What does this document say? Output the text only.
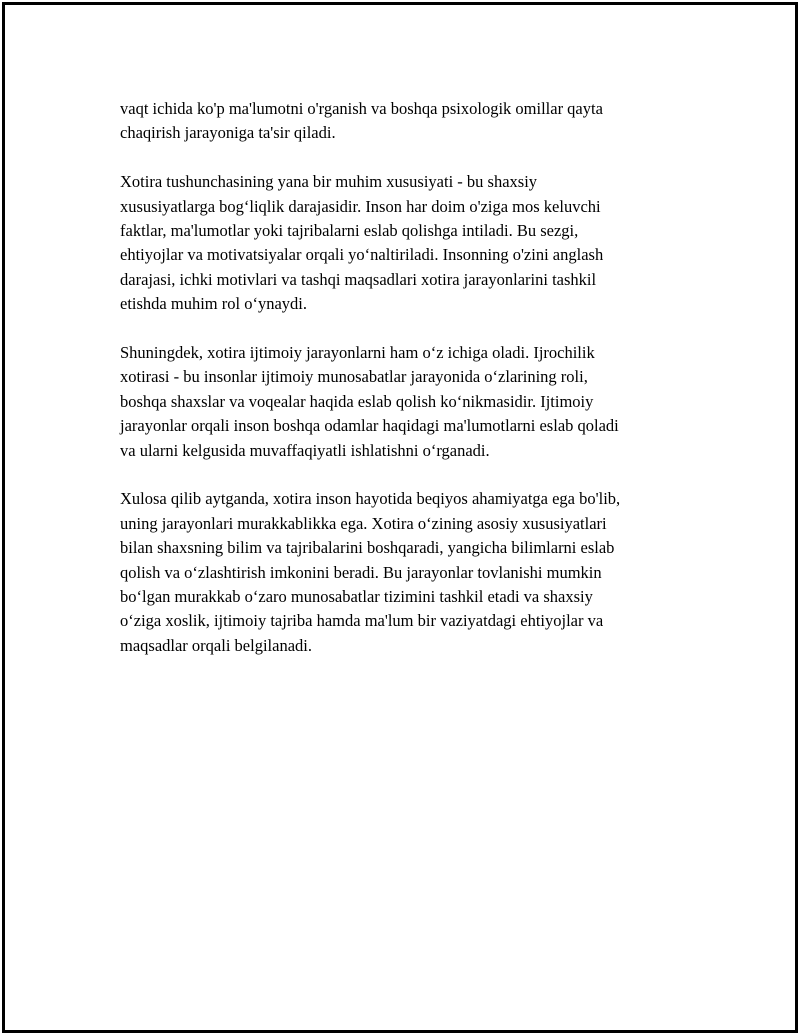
vaqt ichida ko'p ma'lumotni o'rganish va boshqa psixologik omillar qayta
chaqirish jarayoniga ta'sir qiladi.

Xotira tushunchasining yana bir muhim xususiyati - bu shaxsiy
xususiyatlarga bog‘liqlik darajasidir. Inson har doim o'ziga mos keluvchi
faktlar, ma'lumotlar yoki tajribalarni eslab qolishga intiladi. Bu sezgi,
ehtiyojlar va motivatsiyalar orqali yo‘naltiriladi. Insonning o'zini anglash
darajasi, ichki motivlari va tashqi maqsadlari xotira jarayonlarini tashkil
etishda muhim rol o‘ynaydi.

Shuningdek, xotira ijtimoiy jarayonlarni ham o‘z ichiga oladi. Ijrochilik
xotirasi - bu insonlar ijtimoiy munosabatlar jarayonida o‘zlarining roli,
boshqa shaxslar va voqealar haqida eslab qolish ko‘nikmasidir. Ijtimoiy
jarayonlar orqali inson boshqa odamlar haqidagi ma'lumotlarni eslab qoladi
va ularni kelgusida muvaffaqiyatli ishlatishni o‘rganadi.

Xulosa qilib aytganda, xotira inson hayotida beqiyos ahamiyatga ega bo'lib,
uning jarayonlari murakkablikka ega. Xotira o‘zining asosiy xususiyatlari
bilan shaxsning bilim va tajribalarini boshqaradi, yangicha bilimlarni eslab
qolish va o‘zlashtirish imkonini beradi. Bu jarayonlar tovlanishi mumkin
bo‘lgan murakkab o‘zaro munosabatlar tizimini tashkil etadi va shaxsiy
o‘ziga xoslik, ijtimoiy tajriba hamda ma'lum bir vaziyatdagi ehtiyojlar va
maqsadlar orqali belgilanadi.
